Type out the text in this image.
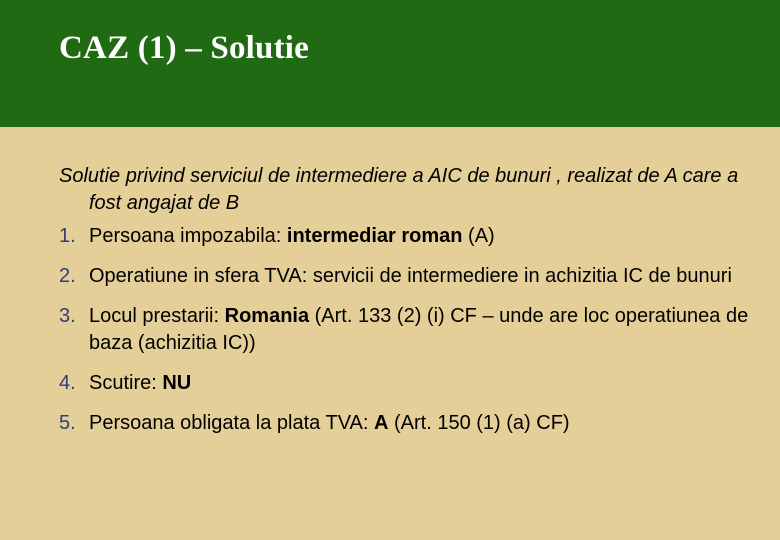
CAZ (1) – Solutie

Solutie privind serviciul de intermediere a AIC de bunuri , realizat de A care a fost angajat de B

1. Persoana impozabila: intermediar roman (A)
2. Operatiune in sfera TVA: servicii de intermediere in achizitia IC de bunuri
3. Locul prestarii: Romania (Art. 133 (2) (i) CF – unde are loc operatiunea de baza (achizitia IC))
4. Scutire: NU
5. Persoana obligata la plata TVA: A (Art. 150 (1) (a) CF)
